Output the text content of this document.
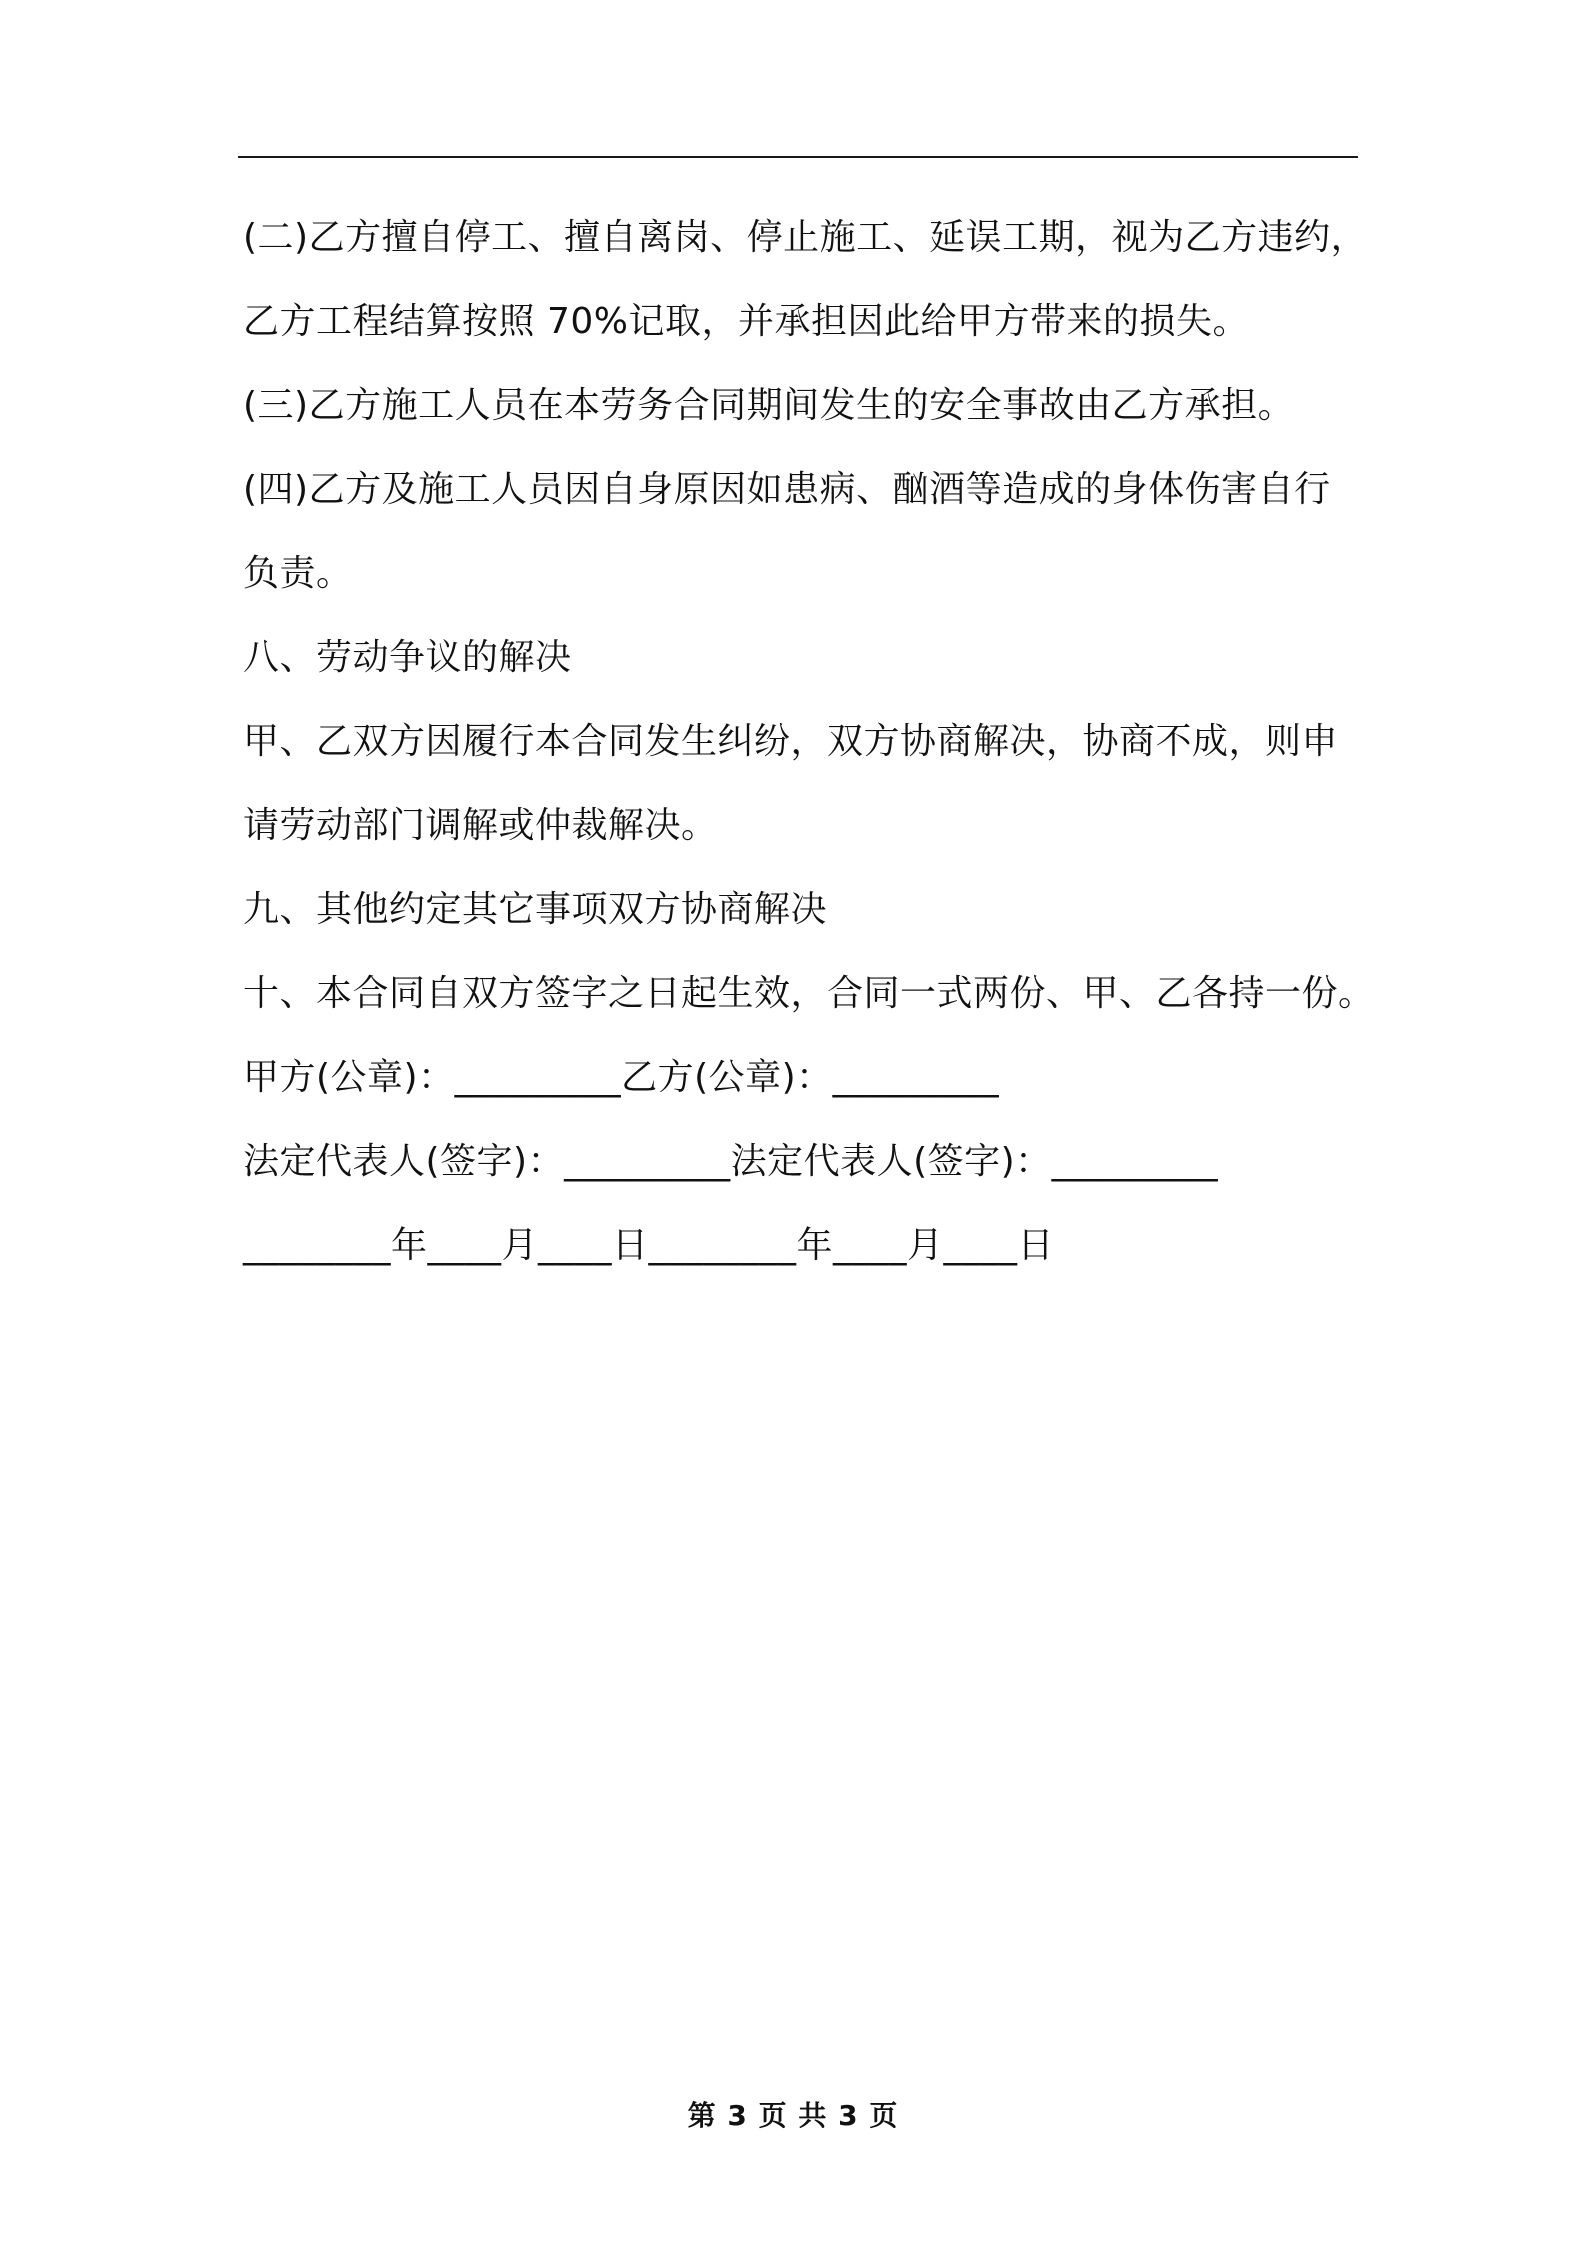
(二)乙方擅自停工、擅自离岗、停止施工、延误工期，视为乙方违约，
乙方工程结算按照 70%记取，并承担因此给甲方带来的损失。
(三)乙方施工人员在本劳务合同期间发生的安全事故由乙方承担。
(四)乙方及施工人员因自身原因如患病、酗酒等造成的身体伤害自行
负责。
八、劳动争议的解决
甲、乙双方因履行本合同发生纠纷，双方协商解决，协商不成，则申
请劳动部门调解或仲裁解决。
九、其他约定其它事项双方协商解决
十、本合同自双方签字之日起生效，合同一式两份、甲、乙各持一份。
甲方(公章)：_________乙方(公章)：_________
法定代表人(签字)：_________法定代表人(签字)：_________
________年____月____日________年____月____日
第 3 页 共 3 页
